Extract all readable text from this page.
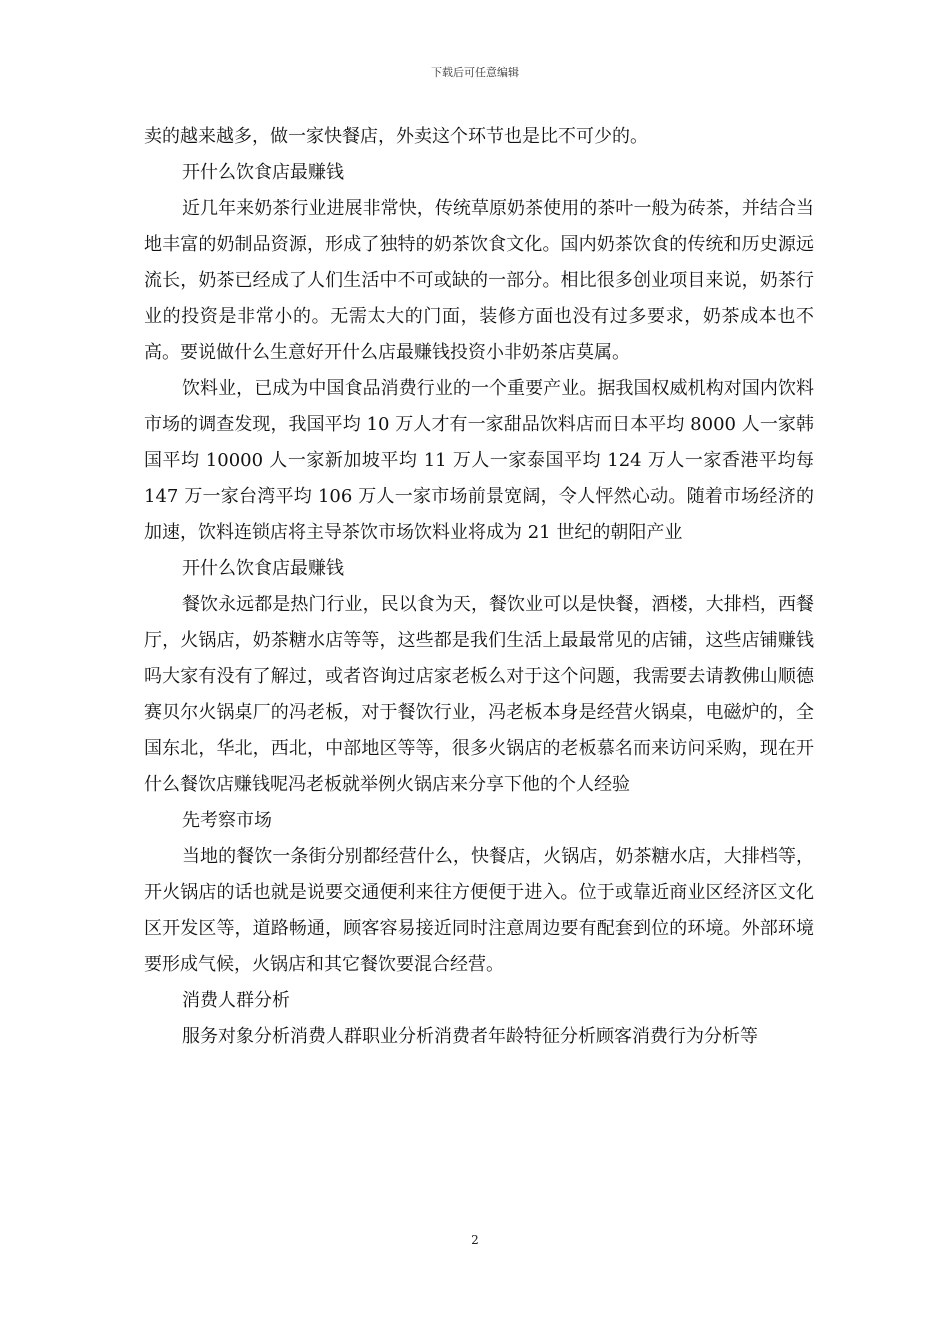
下载后可任意编辑

卖的越来越多，做一家快餐店，外卖这个环节也是比不可少的。

开什么饮食店最赚钱

近几年来奶茶行业进展非常快，传统草原奶茶使用的茶叶一般为砖茶，并结合当地丰富的奶制品资源，形成了独特的奶茶饮食文化。国内奶茶饮食的传统和历史源远流长，奶茶已经成了人们生活中不可或缺的一部分。相比很多创业项目来说，奶茶行业的投资是非常小的。无需太大的门面，装修方面也没有过多要求，奶茶成本也不高。要说做什么生意好开什么店最赚钱投资小非奶茶店莫属。

饮料业，已成为中国食品消费行业的一个重要产业。据我国权威机构对国内饮料市场的调查发现，我国平均 10 万人才有一家甜品饮料店而日本平均 8000 人一家韩国平均 10000 人一家新加坡平均 11 万人一家泰国平均 124 万人一家香港平均每 147 万一家台湾平均 106 万人一家市场前景宽阔，令人怦然心动。随着市场经济的加速，饮料连锁店将主导茶饮市场饮料业将成为 21 世纪的朝阳产业

开什么饮食店最赚钱

餐饮永远都是热门行业，民以食为天，餐饮业可以是快餐，酒楼，大排档，西餐厅，火锅店，奶茶糖水店等等，这些都是我们生活上最最常见的店铺，这些店铺赚钱吗大家有没有了解过，或者咨询过店家老板么对于这个问题，我需要去请教佛山顺德赛贝尔火锅桌厂的冯老板，对于餐饮行业，冯老板本身是经营火锅桌，电磁炉的，全国东北，华北，西北，中部地区等等，很多火锅店的老板慕名而来访问采购，现在开什么餐饮店赚钱呢冯老板就举例火锅店来分享下他的个人经验

先考察市场

当地的餐饮一条街分别都经营什么，快餐店，火锅店，奶茶糖水店，大排档等，开火锅店的话也就是说要交通便利来往方便便于进入。位于或靠近商业区经济区文化区开发区等，道路畅通，顾客容易接近同时注意周边要有配套到位的环境。外部环境要形成气候，火锅店和其它餐饮要混合经营。

消费人群分析

服务对象分析消费人群职业分析消费者年龄特征分析顾客消费行为分析等

2
